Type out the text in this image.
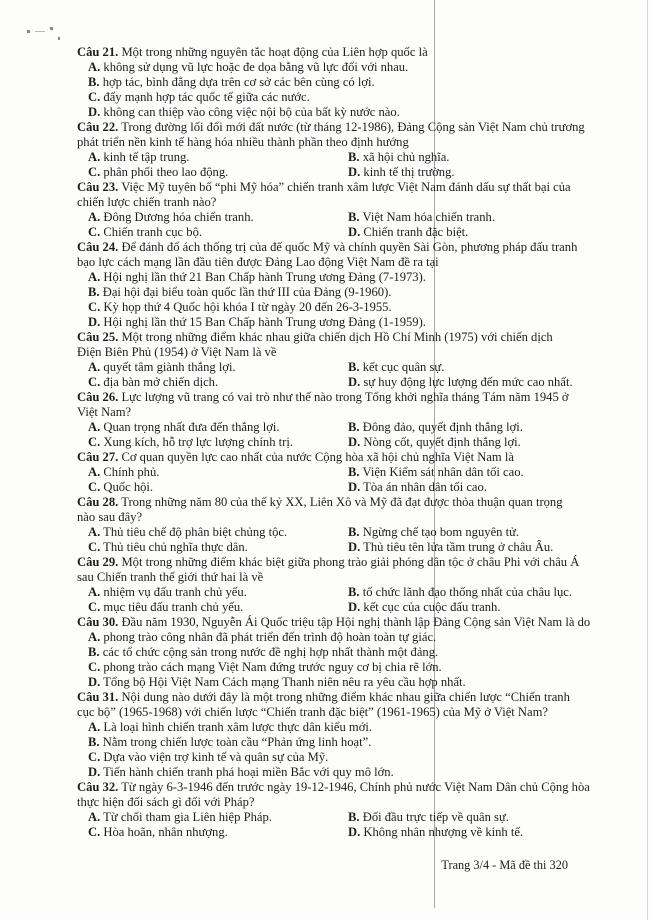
Câu 21. Một trong những nguyên tắc hoạt động của Liên hợp quốc là
A. không sử dụng vũ lực hoặc đe dọa bằng vũ lực đối với nhau.
B. hợp tác, bình đẳng dựa trên cơ sở các bên cùng có lợi.
C. đẩy mạnh hợp tác quốc tế giữa các nước.
D. không can thiệp vào công việc nội bộ của bất kỳ nước nào.
Câu 22. Trong đường lối đổi mới đất nước (từ tháng 12-1986), Đảng Cộng sản Việt Nam chủ trương
phát triển nền kinh tế hàng hóa nhiều thành phần theo định hướng
A. kinh tế tập trung.	B. xã hội chủ nghĩa.
C. phân phối theo lao động.	D. kinh tế thị trường.
Câu 23. Việc Mỹ tuyên bố “phi Mỹ hóa” chiến tranh xâm lược Việt Nam đánh dấu sự thất bại của
chiến lược chiến tranh nào?
A. Đông Dương hóa chiến tranh.	B. Việt Nam hóa chiến tranh.
C. Chiến tranh cục bộ.	D. Chiến tranh đặc biệt.
Câu 24. Để đánh đổ ách thống trị của đế quốc Mỹ và chính quyền Sài Gòn, phương pháp đấu tranh
bạo lực cách mạng lần đầu tiên được Đảng Lao động Việt Nam đề ra tại
A. Hội nghị lần thứ 21 Ban Chấp hành Trung ương Đảng (7-1973).
B. Đại hội đại biểu toàn quốc lần thứ III của Đảng (9-1960).
C. Kỳ họp thứ 4 Quốc hội khóa I từ ngày 20 đến 26-3-1955.
D. Hội nghị lần thứ 15 Ban Chấp hành Trung ương Đảng (1-1959).
Câu 25. Một trong những điểm khác nhau giữa chiến dịch Hồ Chí Minh (1975) với chiến dịch
Điện Biên Phủ (1954) ở Việt Nam là về
A. quyết tâm giành thắng lợi.	B. kết cục quân sự.
C. địa bàn mở chiến dịch.	D. sự huy động lực lượng đến mức cao nhất.
Câu 26. Lực lượng vũ trang có vai trò như thế nào trong Tổng khởi nghĩa tháng Tám năm 1945 ở
Việt Nam?
A. Quan trọng nhất đưa đến thắng lợi.	B. Đông đảo, quyết định thắng lợi.
C. Xung kích, hỗ trợ lực lượng chính trị.	D. Nòng cốt, quyết định thắng lợi.
Câu 27. Cơ quan quyền lực cao nhất của nước Cộng hòa xã hội chủ nghĩa Việt Nam là
A. Chính phủ.	B. Viện Kiểm sát nhân dân tối cao.
C. Quốc hội.	D. Tòa án nhân dân tối cao.
Câu 28. Trong những năm 80 của thế kỷ XX, Liên Xô và Mỹ đã đạt được thỏa thuận quan trọng
nào sau đây?
A. Thủ tiêu chế độ phân biệt chủng tộc.	B. Ngừng chế tạo bom nguyên tử.
C. Thủ tiêu chủ nghĩa thực dân.	D. Thủ tiêu tên lửa tầm trung ở châu Âu.
Câu 29. Một trong những điểm khác biệt giữa phong trào giải phóng dân tộc ở châu Phi với châu Á
sau Chiến tranh thế giới thứ hai là về
A. nhiệm vụ đấu tranh chủ yếu.	B. tổ chức lãnh đạo thống nhất của châu lục.
C. mục tiêu đấu tranh chủ yếu.	D. kết cục của cuộc đấu tranh.
Câu 30. Đầu năm 1930, Nguyễn Ái Quốc triệu tập Hội nghị thành lập Đảng Cộng sản Việt Nam là do
A. phong trào công nhân đã phát triển đến trình độ hoàn toàn tự giác.
B. các tổ chức cộng sản trong nước đề nghị hợp nhất thành một đảng.
C. phong trào cách mạng Việt Nam đứng trước nguy cơ bị chia rẽ lớn.
D. Tổng bộ Hội Việt Nam Cách mạng Thanh niên nêu ra yêu cầu hợp nhất.
Câu 31. Nội dung nào dưới đây là một trong những điểm khác nhau giữa chiến lược “Chiến tranh
cục bộ” (1965-1968) với chiến lược “Chiến tranh đặc biệt” (1961-1965) của Mỹ ở Việt Nam?
A. Là loại hình chiến tranh xâm lược thực dân kiểu mới.
B. Nằm trong chiến lược toàn cầu “Phản ứng linh hoạt”.
C. Dựa vào viện trợ kinh tế và quân sự của Mỹ.
D. Tiến hành chiến tranh phá hoại miền Bắc với quy mô lớn.
Câu 32. Từ ngày 6-3-1946 đến trước ngày 19-12-1946, Chính phủ nước Việt Nam Dân chủ Cộng hòa
thực hiện đối sách gì đối với Pháp?
A. Từ chối tham gia Liên hiệp Pháp.	B. Đối đầu trực tiếp về quân sự.
C. Hòa hoãn, nhân nhượng.	D. Không nhân nhượng về kinh tế.
Trang 3/4 - Mã đề thi 320
